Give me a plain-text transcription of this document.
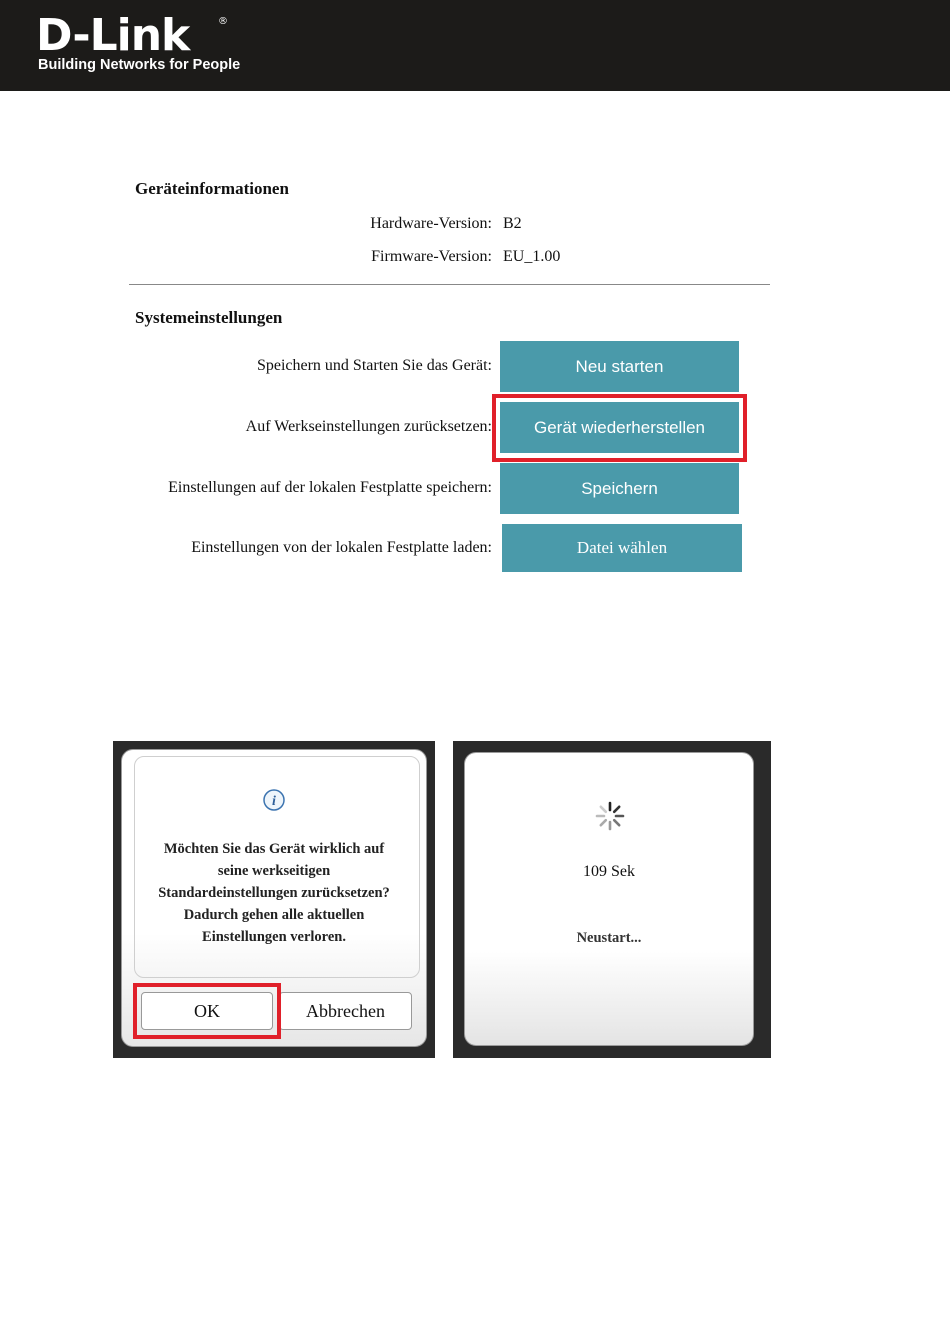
D-Link	®
Building Networks for People
Geräteinformationen
Hardware-Version: B2
Firmware-Version: EU_1.00
Systemeinstellungen
Speichern und Starten Sie das Gerät:	Neu starten
Auf Werkseinstellungen zurücksetzen:	Gerät wiederherstellen
Einstellungen auf der lokalen Festplatte speichern:	Speichern
Einstellungen von der lokalen Festplatte laden:	Datei wählen
i
Möchten Sie das Gerät wirklich auf
seine werkseitigen
Standardeinstellungen zurücksetzen?
Dadurch gehen alle aktuellen
Einstellungen verloren.
OK	Abbrechen
109 Sek
Neustart...
